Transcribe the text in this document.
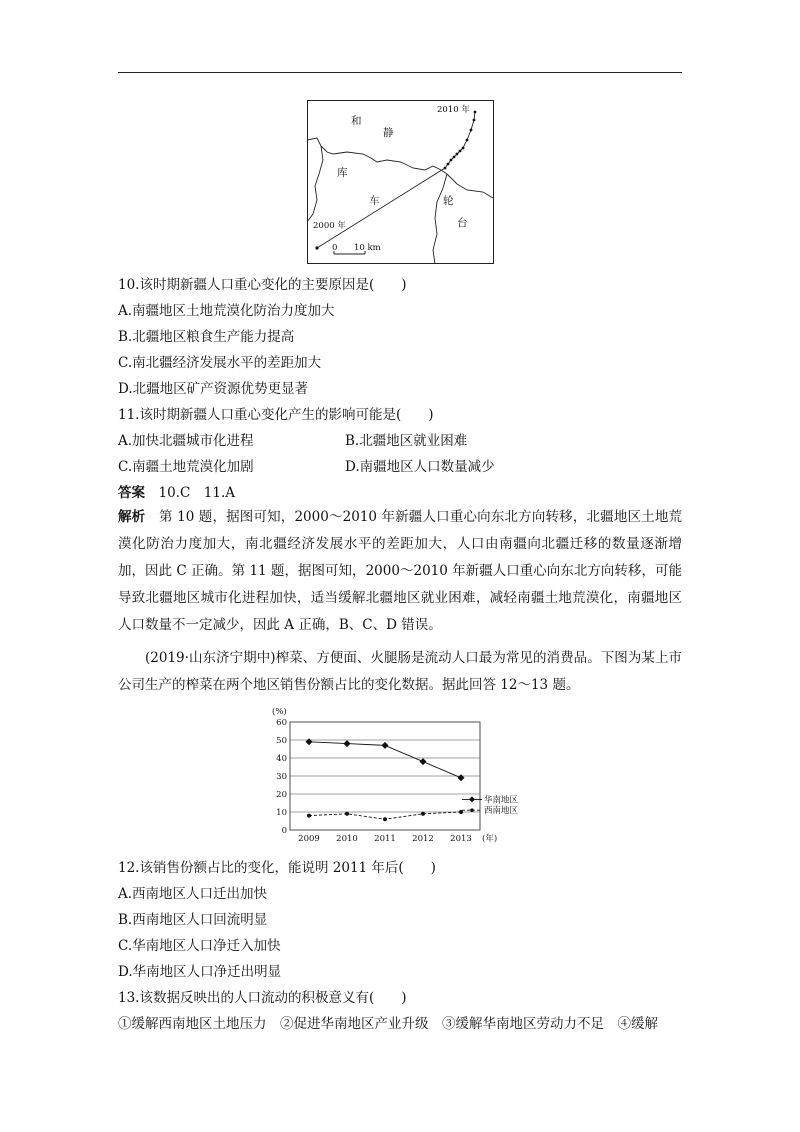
和
静
库
车	轮
台
2010 年
2000 年
0 10 km
10.该时期新疆人口重心变化的主要原因是(　　)
A.南疆地区土地荒漠化防治力度加大
B.北疆地区粮食生产能力提高
C.南北疆经济发展水平的差距加大
D.北疆地区矿产资源优势更显著
11.该时期新疆人口重心变化产生的影响可能是(　　)
A.加快北疆城市化进程	B.北疆地区就业困难
C.南疆土地荒漠化加剧	D.南疆地区人口数量减少
答案　 10.C　11.A
解析　 第 10 题，据图可知，2000～2010 年新疆人口重心向东北方向转移，北疆地区土地荒漠化防治力度加大，南北疆经济发展水平的差距加大，人口由南疆向北疆迁移的数量逐渐增加，因此 C 正确。第 11 题，据图可知，2000～2010 年新疆人口重心向东北方向转移，可能导致北疆地区城市化进程加快，适当缓解北疆地区就业困难，减轻南疆土地荒漠化，南疆地区人口数量不一定减少，因此 A 正确，B、C、D 错误。
(2019·山东济宁期中)榨菜、方便面、火腿肠是流动人口最为常见的消费品。下图为某上市公司生产的榨菜在两个地区销售份额占比的变化数据。据此回答 12～13 题。
0
10
20
30
40
50
60
(%)
2009 2010 2011 2012 2013 (年)
华南地区
西南地区
12.该销售份额占比的变化，能说明 2011 年后(　　)
A.西南地区人口迁出加快
B.西南地区人口回流明显
C.华南地区人口净迁入加快
D.华南地区人口净迁出明显
13.该数据反映出的人口流动的积极意义有(　　)
①缓解西南地区土地压力　②促进华南地区产业升级　③缓解华南地区劳动力不足　④缓解
